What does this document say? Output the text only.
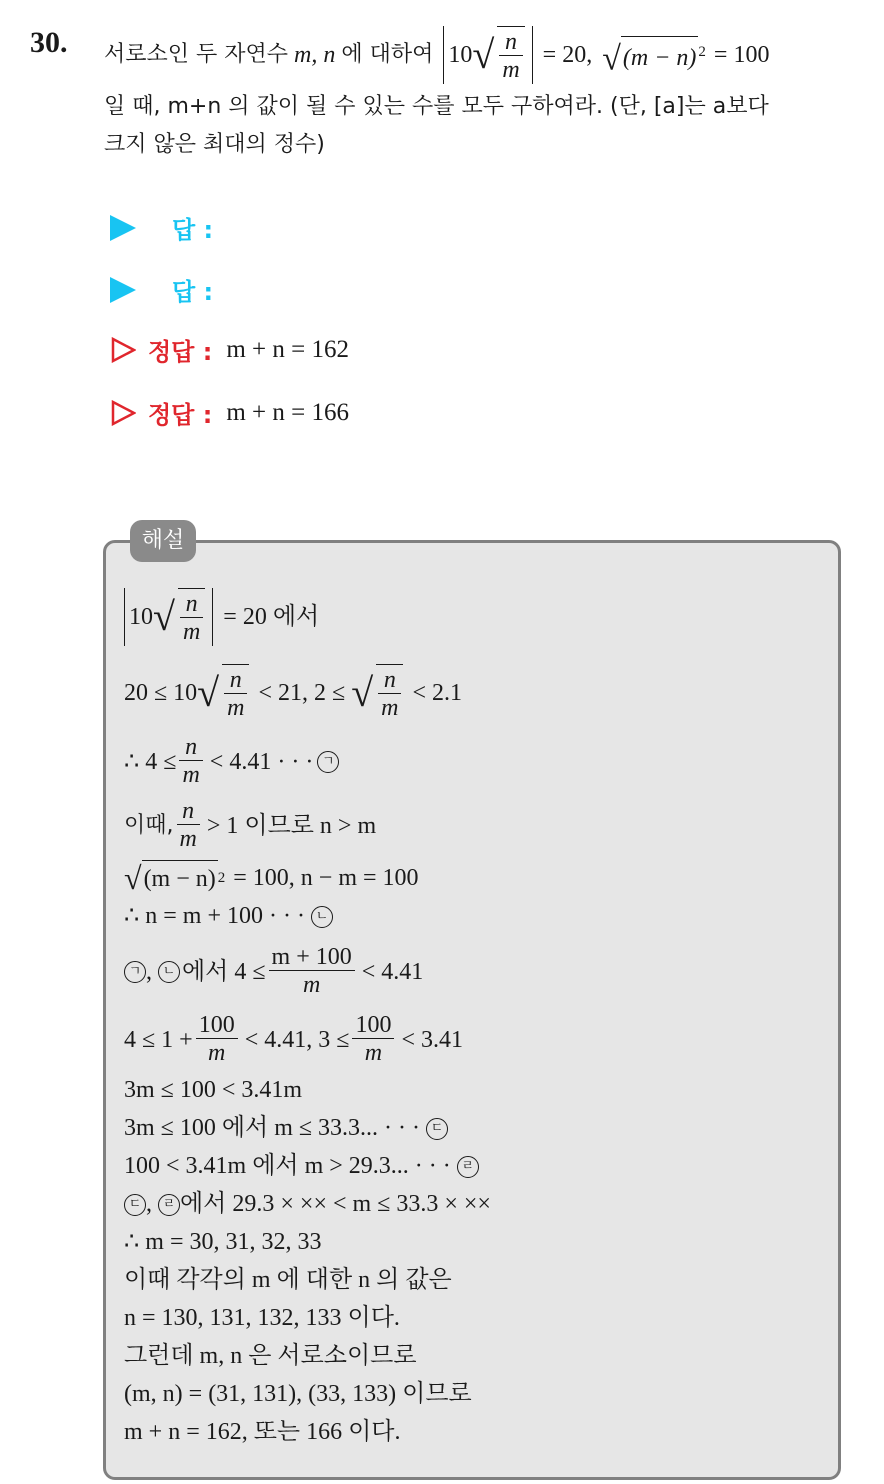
30. 서로소인 두 자연수 m, n 에 대하여 10 √ $\frac{n}{m} = 20$, √(m − n) $^2$ = 100
일 때, m+n 의 값이 될 수 있는 수를 모두 구하여라. (단, [a]는 a보다
크지 않은 최대의 정수)
답 :
답 :
정답 : m + n = 162
정답 : m + n = 166
해설
10 √ $\frac{n}{m} = 20$ 에서
20 ≤ 10 √ $\frac{n}{m} < 21$, 2 ≤ √ $\frac{n}{m} < 2.1$
∴ $4 \le \frac{n}{m} < 4.41$ · · · ㄱ
이때, $\frac{n}{m} > 1$ 이므로 n > m
√ (m − n) 2 = 100, n − m = 100
∴ n = m + 100 · · · ㄴ
ㄱ , ㄴ 에서 $4 \le \frac{m + 100}{m} < 4.41$
$4 \le 1 + \frac{100}{m} < 4.41$, $3 \le \frac{100}{m} < 3.41$
3m ≤ 100 < 3.41m
3m ≤ 100 에서 m ≤ 33.3... · · · ㄷ
100 < 3.41m 에서 m > 29.3... · · · ㄹ
ㄷ , ㄹ 에서 29.3 × ×× < m ≤ 33.3 × ××
∴ m = 30, 31, 32, 33
이때 각각의 m 에 대한 n 의 값은
n = 130, 131, 132, 133 이다.
그런데 m, n 은 서로소이므로
(m, n) = (31, 131), (33, 133) 이므로
m + n = 162, 또는 166 이다.
